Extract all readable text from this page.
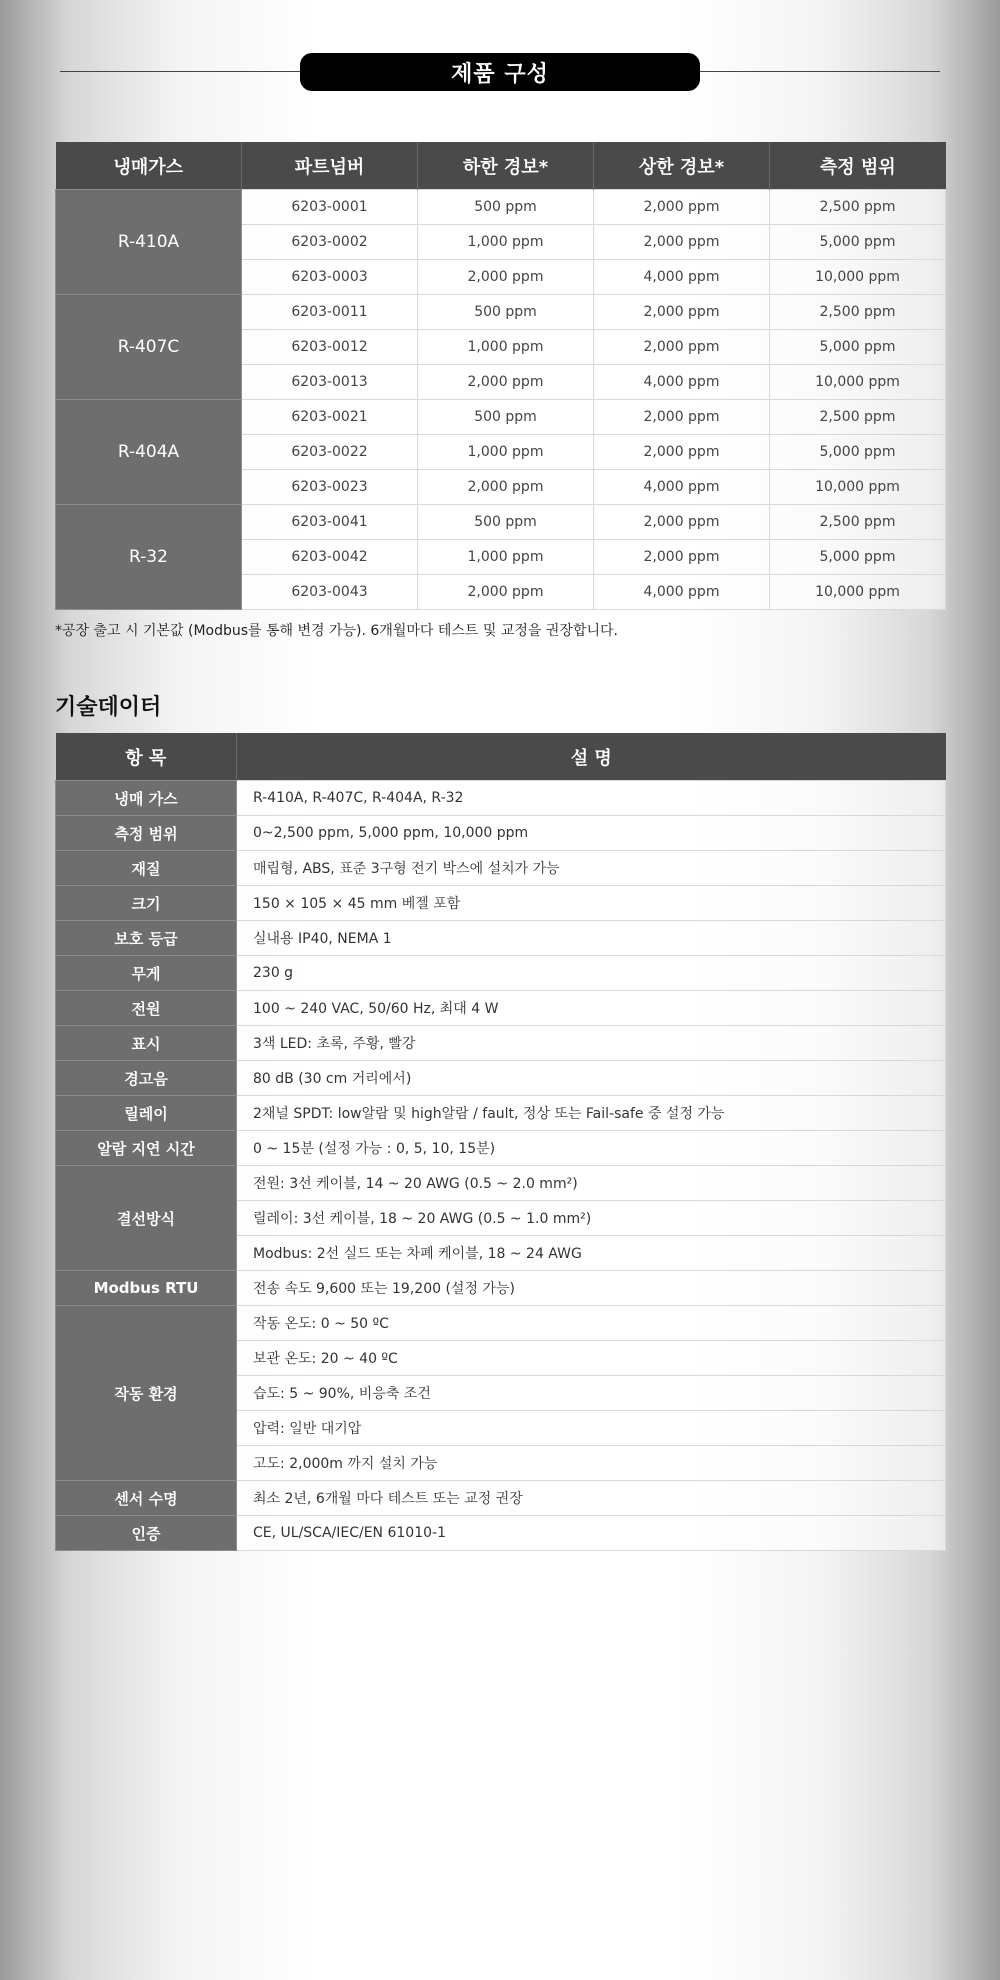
제품 구성
냉매가스	파트넘버	하한 경보*	상한 경보*	측정 범위
R-410A	6203-0001	500 ppm	2,000 ppm	2,500 ppm
	6203-0002	1,000 ppm	2,000 ppm	5,000 ppm
	6203-0003	2,000 ppm	4,000 ppm	10,000 ppm
R-407C	6203-0011	500 ppm	2,000 ppm	2,500 ppm
	6203-0012	1,000 ppm	2,000 ppm	5,000 ppm
	6203-0013	2,000 ppm	4,000 ppm	10,000 ppm
R-404A	6203-0021	500 ppm	2,000 ppm	2,500 ppm
	6203-0022	1,000 ppm	2,000 ppm	5,000 ppm
	6203-0023	2,000 ppm	4,000 ppm	10,000 ppm
R-32	6203-0041	500 ppm	2,000 ppm	2,500 ppm
	6203-0042	1,000 ppm	2,000 ppm	5,000 ppm
	6203-0043	2,000 ppm	4,000 ppm	10,000 ppm
*공장 출고 시 기본값 (Modbus를 통해 변경 가능). 6개월마다 테스트 및 교정을 권장합니다.
기술데이터
항 목	설 명
냉매 가스	R-410A, R-407C, R-404A, R-32
측정 범위	0~2,500 ppm, 5,000 ppm, 10,000 ppm
재질	매립형, ABS, 표준 3구형 전기 박스에 설치가 가능
크기	150 × 105 × 45 mm 베젤 포함
보호 등급	실내용 IP40, NEMA 1
무게	230 g
전원	100 ~ 240 VAC, 50/60 Hz, 최대 4 W
표시	3색 LED: 초록, 주황, 빨강
경고음	80 dB (30 cm 거리에서)
릴레이	2채널 SPDT: low알람 및 high알람 / fault, 정상 또는 Fail-safe 중 설정 가능
알람 지연 시간	0 ~ 15분 (설정 가능 : 0, 5, 10, 15분)
결선방식	전원: 3선 케이블, 14 ~ 20 AWG (0.5 ~ 2.0 mm²)
	릴레이: 3선 케이블, 18 ~ 20 AWG (0.5 ~ 1.0 mm²)
	Modbus: 2선 실드 또는 차폐 케이블, 18 ~ 24 AWG
Modbus RTU	전송 속도 9,600 또는 19,200 (설정 가능)
작동 환경	작동 온도: 0 ~ 50 ºC
	보관 온도: 20 ~ 40 ºC
	습도: 5 ~ 90%, 비응축 조건
	압력: 일반 대기압
	고도: 2,000m 까지 설치 가능
센서 수명	최소 2년, 6개월 마다 테스트 또는 교정 권장
인증	CE, UL/SCA/IEC/EN 61010-1
